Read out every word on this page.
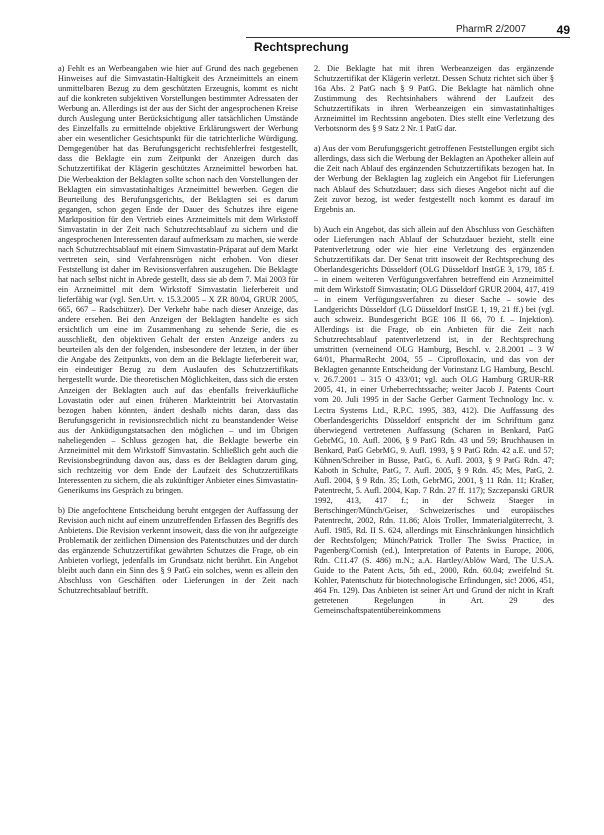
Rechtsprechung
PharmR 2/2007	49

a) Fehlt es an Werbeangaben wie hier auf Grund des nach gegebenen Hinweises auf die Simvastatin-Haltigkeit des Arzneimittels an einem unmittelbaren Bezug zu dem geschützten Erzeugnis, kommt es nicht auf die konkreten subjektiven Vorstellungen bestimmter Adressaten der Werbung an. Allerdings ist der aus der Sicht der angesprochenen Kreise durch Auslegung unter Berücksichtigung aller tatsächlichen Umstände des Einzelfalls zu ermittelnde objektive Erklärungswert der Werbung aber ein wesentlicher Gesichtspunkt für die tatrichterliche Würdigung. Demgegenüber hat das Berufungsgericht rechtsfehlerfrei festgestellt, dass die Beklagte ein zum Zeitpunkt der Anzeigen durch das Schutzzertifikat der Klägerin geschütztes Arzneimittel beworben hat. Die Werbeaktion der Beklagten sollte schon nach den Vorstellungen der Beklagten ein simvastatinhaltiges Arzneimittel bewerben. Gegen die Beurteilung des Berufungsgerichts, der Beklagten sei es darum gegangen, schon gegen Ende der Dauer des Schutzes ihre eigene Marktposition für den Vertrieb eines Arzneimittels mit dem Wirkstoff Simvastatin in der Zeit nach Schutzrechtsablauf zu sichern und die angesprochenen Interessenten darauf aufmerksam zu machen, sie werde nach Schutzrechtsablauf mit einem Simvastatin-Präparat auf dem Markt vertreten sein, sind Verfahrensrügen nicht erhoben. Von dieser Feststellung ist daher im Revisionsverfahren auszugehen. Die Beklagte hat nach selbst nicht in Abrede gestellt, dass sie ab dem 7. Mai 2003 für ein Arzneimittel mit dem Wirkstoff Simvastatin lieferbereit und lieferfähig war (vgl. Sen.Urt. v. 15.3.2005 – X ZR 80/04, GRUR 2005, 665, 667 – Radschützer). Der Verkehr habe nach dieser Anzeige, das andere ersehen. Bei den Anzeigen der Beklagten handelte es sich ersichtlich um eine im Zusammenhang zu sehende Serie, die es ausschließt, den objektiven Gehalt der ersten Anzeige anders zu beurteilen als den der folgenden, insbesondere der letzten, in der über die Angabe des Zeitpunkts, von dem an die Beklagte lieferbereit war, ein eindeutiger Bezug zu dem Auslaufen des Schutzzertifikats hergestellt wurde. Die theoretischen Möglichkeiten, dass sich die ersten Anzeigen der Beklagten auch auf das ebenfalls freiverkäufliche Lovastatin oder auf einen früheren Markteintritt bei Atorvastatin bezogen haben könnten, ändert deshalb nichts daran, dass das Berufungsgericht in revisionsrechtlich nicht zu beanstandender Weise aus der Anküdigungstatsachen den möglichen – und im Übrigen naheliegenden – Schluss gezogen hat, die Beklagte bewerbe ein Arzneimittel mit dem Wirkstoff Simvastatin. Schließlich geht auch die Revisionsbegründung davon aus, dass es der Beklagten darum ging, sich rechtzeitig vor dem Ende der Laufzeit des Schutzzertifikats Interessenten zu sichern, die als zukünftiger Anbieter eines Simvastatin-Generikums ins Gespräch zu bringen.

b) Die angefochtene Entscheidung beruht entgegen der Auffassung der Revision auch nicht auf einem unzutreffenden Erfassen des Begriffs des Anbietens. Die Revision verkennt insoweit, dass die von ihr aufgezeigte Problematik der zeitlichen Dimension des Patentschutzes und der durch das ergänzende Schutzzertifikat gewährten Schutzes die Frage, ob ein Anbieten vorliegt, jedenfalls im Grundsatz nicht berührt. Ein Angebot bleibt auch dann ein Sinn des § 9 PatG ein solches, wenn es allein den Abschluss von Geschäften oder Lieferungen in der Zeit nach Schutzrechtsablauf betrifft.

2. Die Beklagte hat mit ihren Werbeanzeigen das ergänzende Schutzzertifikat der Klägerin verletzt. Dessen Schutz richtet sich über § 16a Abs. 2 PatG nach § 9 PatG. Die Beklagte hat nämlich ohne Zustimmung des Rechtsinhabers während der Laufzeit des Schutzzertifikats in ihren Werbeanzeigen ein simvastatinhaltiges Arzneimittel im Rechtssinn angeboten. Dies stellt eine Verletzung des Verbotsnorm des § 9 Satz 2 Nr. 1 PatG dar.

a) Aus der vom Berufungsgericht getroffenen Feststellungen ergibt sich allerdings, dass sich die Werbung der Beklagten an Apotheker allein auf die Zeit nach Ablauf des ergänzenden Schutzzertifikats bezogen hat. In der Werbung der Beklagten lag zugleich ein Angebot für Lieferungen nach Ablauf des Schutzdauer; dass sich dieses Angebot nicht auf die Zeit zuvor bezog, ist weder festgestellt noch kommt es darauf im Ergebnis an.

b) Auch ein Angebot, das sich allein auf den Abschluss von Geschäften oder Lieferungen nach Ablauf der Schutzdauer bezieht, stellt eine Patentverletzung oder wie hier eine Verletzung des ergänzenden Schutzzertifikats dar. Der Senat tritt insoweit der Rechtsprechung des Oberlandesgerichts Düsseldorf (OLG Düsseldorf InstGE 3, 179, 185 f. – in einem weiteren Verfügungsverfahren betreffend ein Arzneimittel mit dem Wirkstoff Simvastatin; OLG Düsseldorf GRUR 2004, 417, 419 – in einem Verfügungsverfahren zu dieser Sache – sowie des Landgerichts Düsseldorf (LG Düsseldorf InstGE 1, 19, 21 ff.) bei (vgl. auch schweiz. Bundesgericht BGE 106 II 66, 70 f. – Injektion). Allerdings ist die Frage, ob ein Anbieten für die Zeit nach Schutzrechtsablauf patentverletzend ist, in der Rechtsprechung umstritten (verneinend OLG Hamburg, Beschl. v. 2.8.2001 – 3 W 64/01, PharmaRecht 2004, 55 – Ciprofloxacin, und das von der Beklagten genannte Entscheidung der Vorinstanz LG Hamburg, Beschl. v. 26.7.2001 – 315 O 433/01; vgl. auch OLG Hamburg GRUR-RR 2005, 41, in einer Urheberrechtssache; weiter Jacob J. Patents Court vom 20. Juli 1995 in der Sache Gerber Garment Technology Inc. v. Lectra Systems Ltd., R.P.C. 1995, 383, 412). Die Auffassung des Oberlandesgerichts Düsseldorf entspricht der im Schrifttum ganz überwiegend vertretenen Auffassung (Scharen in Benkard, PatG GebrMG, 10. Aufl. 2006, § 9 PatG Rdn. 43 und 59; Bruchhausen in Benkard, PatG GebrMG, 9. Aufl. 1993, § 9 PatG Rdn. 42 a.E. und 57; Kühnen/Schreiber in Busse, PatG, 6. Aufl. 2003, § 9 PatG Rdn. 47; Kaboth in Schulte, PatG, 7. Aufl. 2005, § 9 Rdn. 45; Mes, PatG, 2. Aufl. 2004, § 9 Rdn. 35; Loth, GebrMG, 2001, § 11 Rdn. 11; Kraßer, Patentrecht, 5. Aufl. 2004, Kap. 7 Rdn. 27 ff. 117); Szczepanski GRUR 1992, 413, 417 f.; in der Schweiz Staeger in Bertschinger/Münch/Geiser, Schweizerisches und europäisches Patentrecht, 2002, Rdn. 11.86; Alois Troller, Immaterialgüterrecht, 3. Aufl. 1985, Rd. II S. 624, allerdings mit Einschränkungen hinsichtlich der Rechtsfolgen; Münch/Patrick Troller The Swiss Practice, in Pagenberg/Cornish (ed.), Interpretation of Patents in Europe, 2006, Rdn. C11.47 (S. 486) m.N.; a.A. Hartley/Ablöw Ward, The U.S.A. Guide to the Patent Acts, 5th ed., 2000, Rdn. 60.04; zweifelnd St. Kohler, Patentschutz für biotechnologische Erfindungen, sic! 2006, 451, 464 Fn. 129). Das Anbieten ist seiner Art und Grund der nicht in Kraft getretenen Regelungen in Art. 29 des Gemeinschaftspatentübereinkommens
